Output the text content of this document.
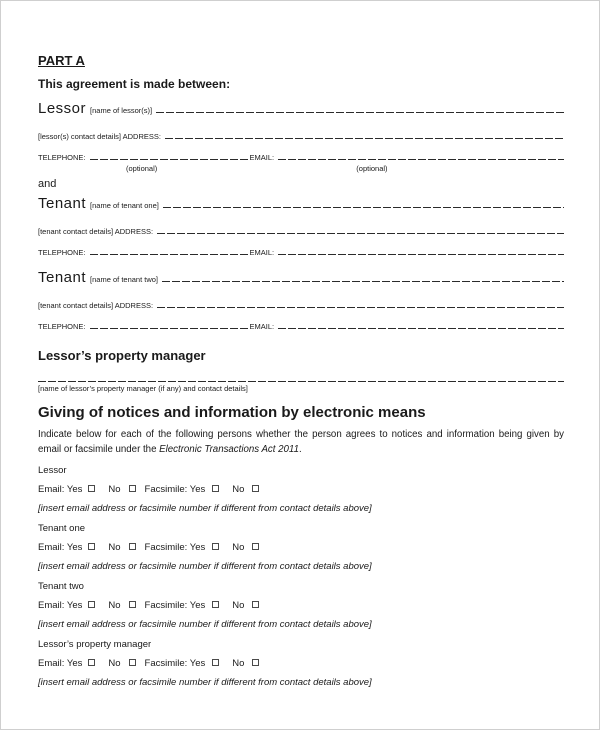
PART A
This agreement is made between:
Lessor [name of lessor(s)]
[lessor(s) contact details] ADDRESS:
TELEPHONE:	EMAIL:
(optional)	(optional)
and
Tenant [name of tenant one]
[tenant contact details] ADDRESS:
TELEPHONE:	EMAIL:
Tenant [name of tenant two]
[tenant contact details] ADDRESS:
TELEPHONE:	EMAIL:
Lessor’s property manager
[name of lessor’s property manager (if any) and contact details]
Giving of notices and information by electronic means
Indicate below for each of the following persons whether the person agrees to notices and information being given by email or facsimile under the Electronic Transactions Act 2011.
Lessor
Email: Yes	No	Facsimile: Yes	No
[insert email address or facsimile number if different from contact details above]
Tenant one
Email: Yes	No	Facsimile: Yes	No
[insert email address or facsimile number if different from contact details above]
Tenant two
Email: Yes	No	Facsimile: Yes	No
[insert email address or facsimile number if different from contact details above]
Lessor’s property manager
Email: Yes	No	Facsimile: Yes	No
[insert email address or facsimile number if different from contact details above]
